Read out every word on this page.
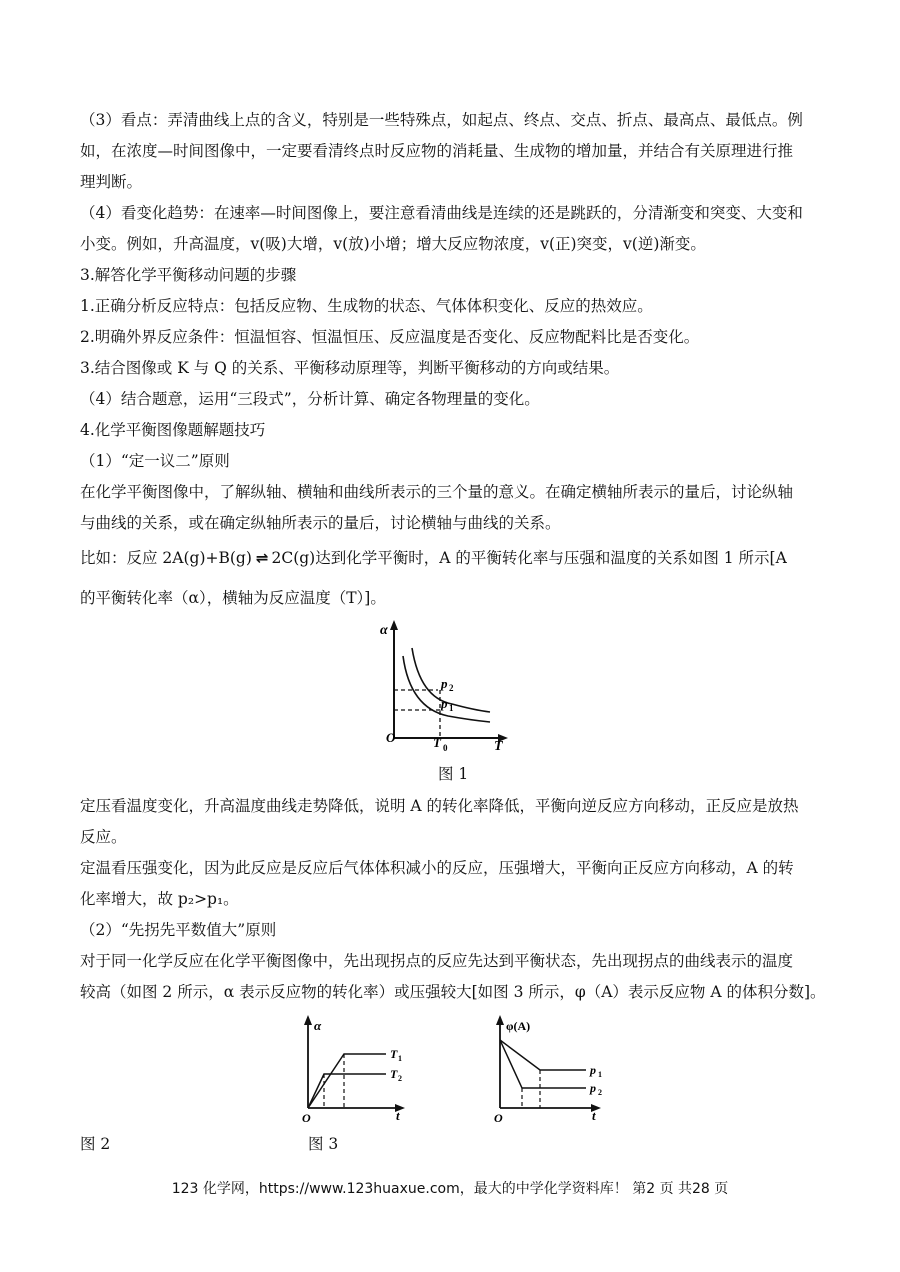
（3）看点：弄清曲线上点的含义，特别是一些特殊点，如起点、终点、交点、折点、最高点、最低点。例
如，在浓度—时间图像中，一定要看清终点时反应物的消耗量、生成物的增加量，并结合有关原理进行推
理判断。
（4）看变化趋势：在速率—时间图像上，要注意看清曲线是连续的还是跳跃的，分清渐变和突变、大变和
小变。例如，升高温度，v(吸)大增，v(放)小增；增大反应物浓度，v(正)突变，v(逆)渐变。
3.解答化学平衡移动问题的步骤
1.正确分析反应特点：包括反应物、生成物的状态、气体体积变化、反应的热效应。
2.明确外界反应条件：恒温恒容、恒温恒压、反应温度是否变化、反应物配料比是否变化。
3.结合图像或 K 与 Q 的关系、平衡移动原理等，判断平衡移动的方向或结果。
（4）结合题意，运用“三段式”，分析计算、确定各物理量的变化。
4.化学平衡图像题解题技巧
（1）“定一议二”原则
在化学平衡图像中，了解纵轴、横轴和曲线所表示的三个量的意义。在确定横轴所表示的量后，讨论纵轴
与曲线的关系，或在确定纵轴所表示的量后，讨论横轴与曲线的关系。
比如：反应 2A(g)+B(g) ⇌ 2C(g)达到化学平衡时，A 的平衡转化率与压强和温度的关系如图 1 所示[A
的平衡转化率（α），横轴为反应温度（T）]。
α
T
O	T 0
p 2
p 1
图 1
定压看温度变化，升高温度曲线走势降低，说明 A 的转化率降低，平衡向逆反应方向移动，正反应是放热
反应。
定温看压强变化，因为此反应是反应后气体体积减小的反应，压强增大，平衡向正反应方向移动，A 的转
化率增大，故 p₂>p₁。
（2）“先拐先平数值大”原则
对于同一化学反应在化学平衡图像中，先出现拐点的反应先达到平衡状态，先出现拐点的曲线表示的温度
较高（如图 2 所示，α 表示反应物的转化率）或压强较大[如图 3 所示，φ（A）表示反应物 A 的体积分数]。
α
t
O
T 1
T 2
φ(A)
t
O
p 1
p 2
图 2	图 3
123 化学网，https://www.123huaxue.com，最大的中学化学资料库！ 第2 页 共28 页
